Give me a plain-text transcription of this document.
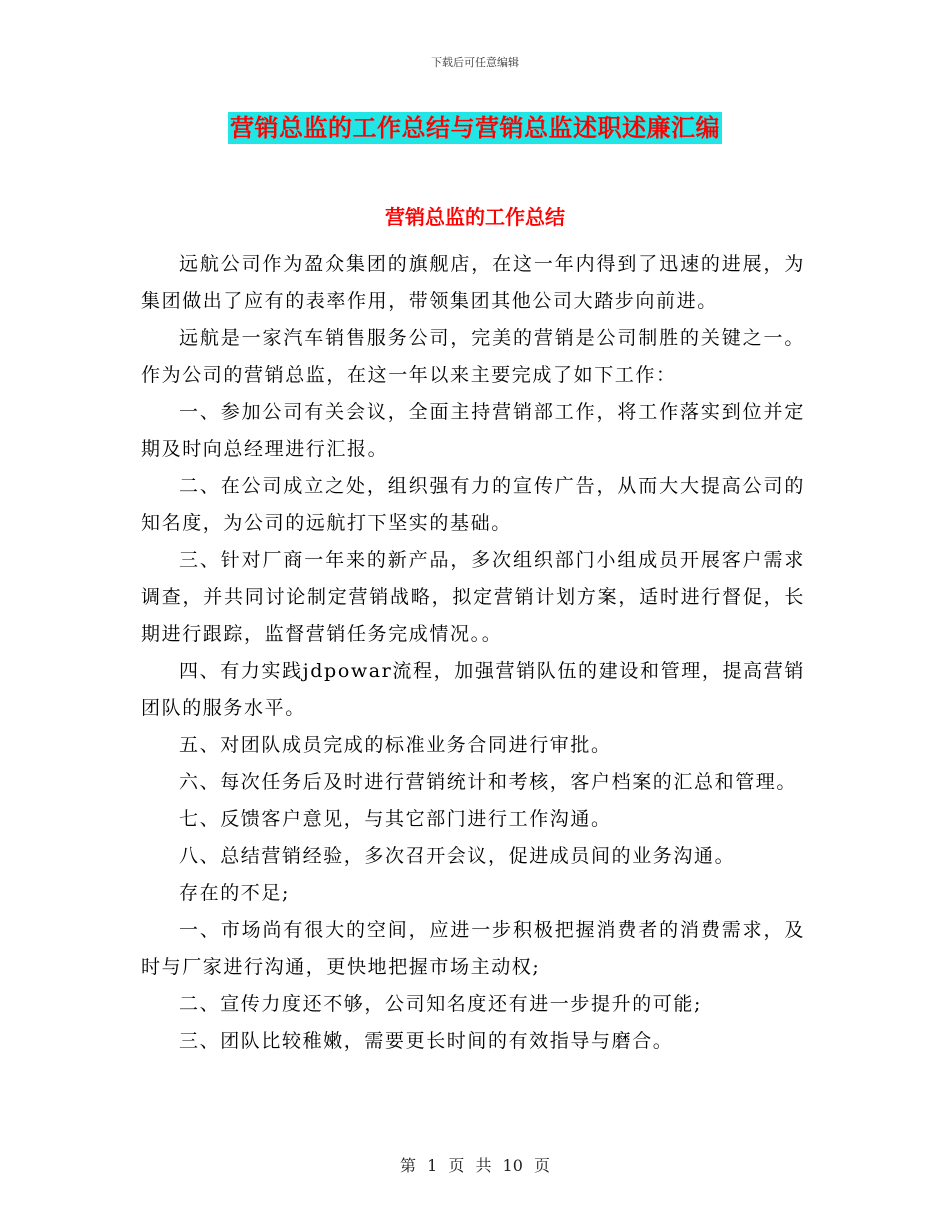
下载后可任意编辑
营销总监的工作总结与营销总监述职述廉汇编
营销总监的工作总结

远航公司作为盈众集团的旗舰店，在这一年内得到了迅速的进展，为集团做出了应有的表率作用，带领集团其他公司大踏步向前进。

远航是一家汽车销售服务公司，完美的营销是公司制胜的关键之一。作为公司的营销总监，在这一年以来主要完成了如下工作：

一、参加公司有关会议，全面主持营销部工作，将工作落实到位并定期及时向总经理进行汇报。

二、在公司成立之处，组织强有力的宣传广告，从而大大提高公司的知名度，为公司的远航打下坚实的基础。

三、针对厂商一年来的新产品，多次组织部门小组成员开展客户需求调查，并共同讨论制定营销战略，拟定营销计划方案，适时进行督促，长期进行跟踪，监督营销任务完成情况。。

四、有力实践jdpowar流程，加强营销队伍的建设和管理，提高营销团队的服务水平。

五、对团队成员完成的标准业务合同进行审批。

六、每次任务后及时进行营销统计和考核，客户档案的汇总和管理。

七、反馈客户意见，与其它部门进行工作沟通。

八、总结营销经验，多次召开会议，促进成员间的业务沟通。

存在的不足;

一、市场尚有很大的空间，应进一步积极把握消费者的消费需求，及时与厂家进行沟通，更快地把握市场主动权;

二、宣传力度还不够，公司知名度还有进一步提升的可能;

三、团队比较稚嫩，需要更长时间的有效指导与磨合。

第 1 页 共 10 页
